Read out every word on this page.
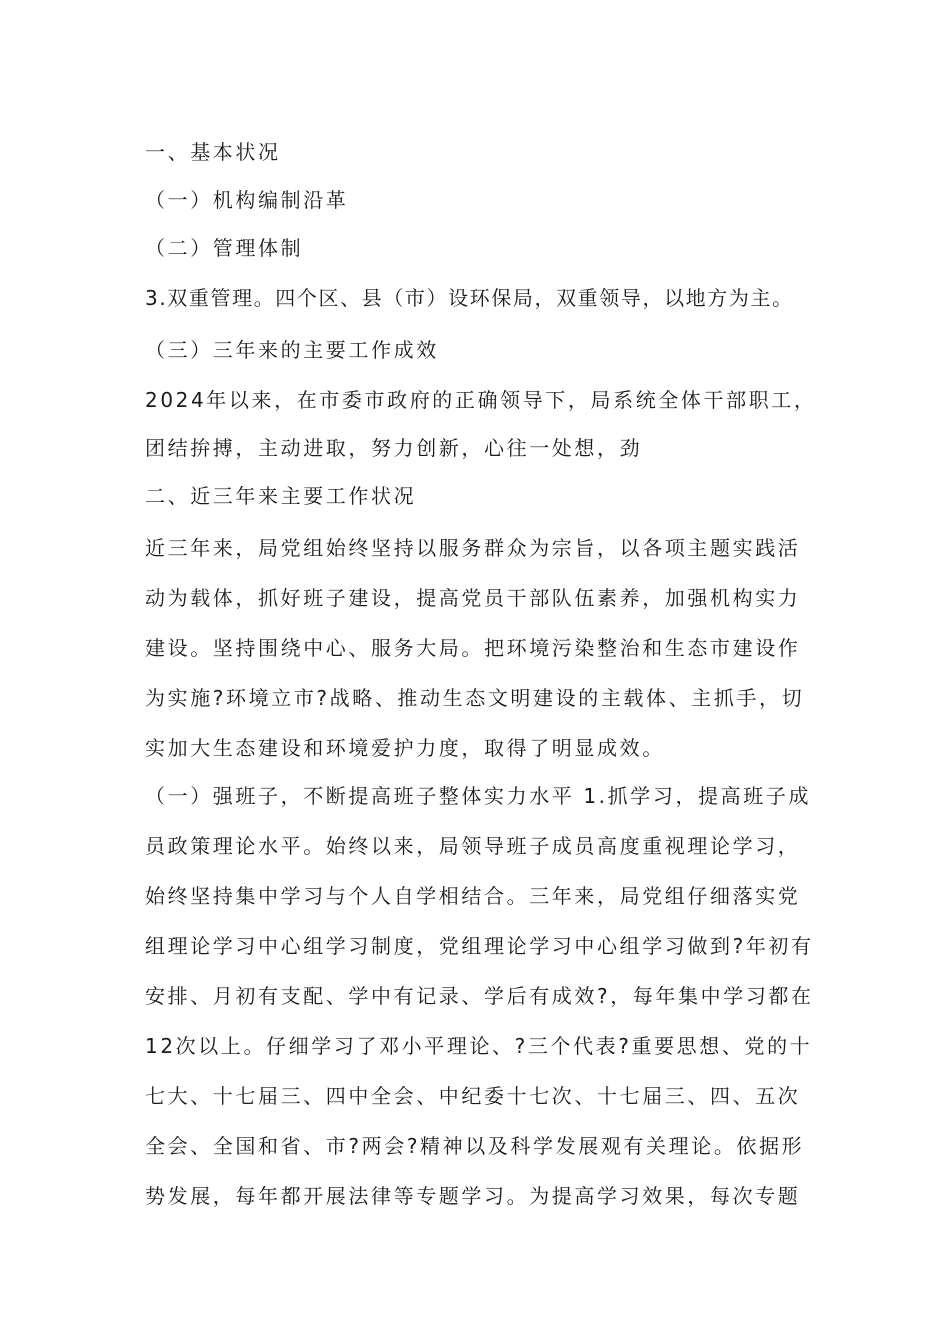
一、基本状况
（一）机构编制沿革
（二）管理体制
3.双重管理。四个区、县（市）设环保局，双重领导，以地方为主。
（三）三年来的主要工作成效
2024年以来，在市委市政府的正确领导下，局系统全体干部职工，
团结拚搏，主动进取，努力创新，心往一处想，劲
二、近三年来主要工作状况
近三年来，局党组始终坚持以服务群众为宗旨，以各项主题实践活
动为载体，抓好班子建设，提高党员干部队伍素养，加强机构实力
建设。坚持围绕中心、服务大局。把环境污染整治和生态市建设作
为实施?环境立市?战略、推动生态文明建设的主载体、主抓手，切
实加大生态建设和环境爱护力度，取得了明显成效。
（一）强班子，不断提高班子整体实力水平 1.抓学习，提高班子成
员政策理论水平。始终以来，局领导班子成员高度重视理论学习，
始终坚持集中学习与个人自学相结合。三年来，局党组仔细落实党
组理论学习中心组学习制度，党组理论学习中心组学习做到?年初有
安排、月初有支配、学中有记录、学后有成效?，每年集中学习都在
12次以上。仔细学习了邓小平理论、?三个代表?重要思想、党的十
七大、十七届三、四中全会、中纪委十七次、十七届三、四、五次
全会、全国和省、市?两会?精神以及科学发展观有关理论。依据形
势发展，每年都开展法律等专题学习。为提高学习效果，每次专题
